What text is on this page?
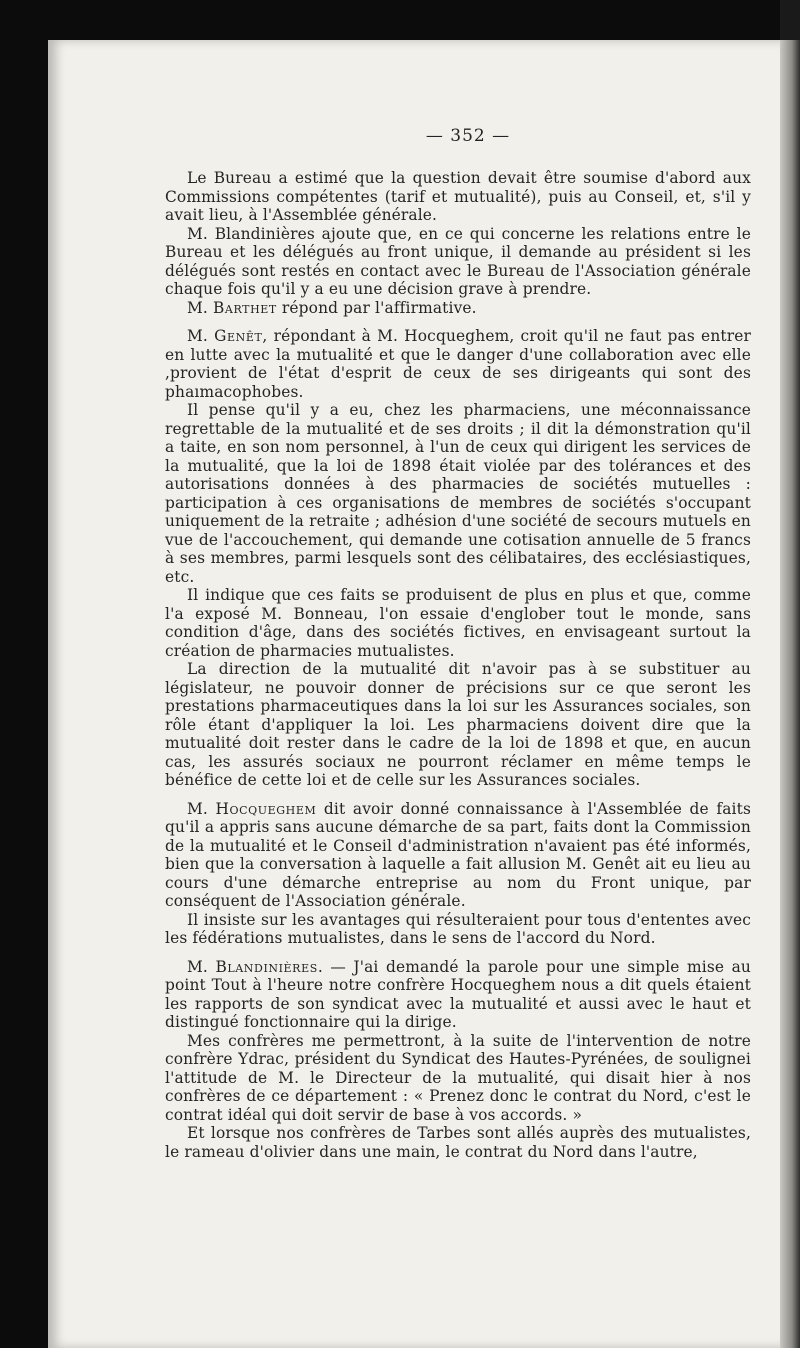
— 352 —

Le Bureau a estimé que la question devait être soumise d'abord aux Commissions compétentes (tarif et mutualité), puis au Conseil, et, s'il y avait lieu, à l'Assemblée générale.

M. Blandinières ajoute que, en ce qui concerne les relations entre le Bureau et les délégués au front unique, il demande au président si les délégués sont restés en contact avec le Bureau de l'Association générale chaque fois qu'il y a eu une décision grave à prendre.

M. Barthet répond par l'affirmative.

M. Genêt, répondant à M. Hocqueghem, croit qu'il ne faut pas entrer en lutte avec la mutualité et que le danger d'une collaboration avec elle ,provient de l'état d'esprit de ceux de ses dirigeants qui sont des phaımacophobes.

Il pense qu'il y a eu, chez les pharmaciens, une méconnaissance regrettable de la mutualité et de ses droits ; il dit la démonstration qu'il a taite, en son nom personnel, à l'un de ceux qui dirigent les services de la mutualité, que la loi de 1898 était violée par des tolérances et des autorisations données à des pharmacies de sociétés mutuelles : participation à ces organisations de membres de sociétés s'occupant uniquement de la retraite ; adhésion d'une société de secours mutuels en vue de l'accouchement, qui demande une cotisation annuelle de 5 francs à ses membres, parmi lesquels sont des célibataires, des ecclésiastiques, etc.

Il indique que ces faits se produisent de plus en plus et que, comme l'a exposé M. Bonneau, l'on essaie d'englober tout le monde, sans condition d'âge, dans des sociétés fictives, en envisageant surtout la création de pharmacies mutualistes.

La direction de la mutualité dit n'avoir pas à se substituer au législateur, ne pouvoir donner de précisions sur ce que seront les prestations pharmaceutiques dans la loi sur les Assurances sociales, son rôle étant d'appliquer la loi. Les pharmaciens doivent dire que la mutualité doit rester dans le cadre de la loi de 1898 et que, en aucun cas, les assurés sociaux ne pourront réclamer en même temps le bénéfice de cette loi et de celle sur les Assurances sociales.

M. Hocqueghem dit avoir donné connaissance à l'Assemblée de faits qu'il a appris sans aucune démarche de sa part, faits dont la Commission de la mutualité et le Conseil d'administration n'avaient pas été informés, bien que la conversation à laquelle a fait allusion M. Genêt ait eu lieu au cours d'une démarche entreprise au nom du Front unique, par conséquent de l'Association générale.

Il insiste sur les avantages qui résulteraient pour tous d'ententes avec les fédérations mutualistes, dans le sens de l'accord du Nord.

M. Blandinières. — J'ai demandé la parole pour une simple mise au point Tout à l'heure notre confrère Hocqueghem nous a dit quels étaient les rapports de son syndicat avec la mutualité et aussi avec le haut et distingué fonctionnaire qui la dirige.

Mes confrères me permettront, à la suite de l'intervention de notre confrère Ydrac, président du Syndicat des Hautes-Pyrénées, de soulignei l'attitude de M. le Directeur de la mutualité, qui disait hier à nos confrères de ce département : « Prenez donc le contrat du Nord, c'est le contrat idéal qui doit servir de base à vos accords. »

Et lorsque nos confrères de Tarbes sont allés auprès des mutualistes, le rameau d'olivier dans une main, le contrat du Nord dans l'autre,
